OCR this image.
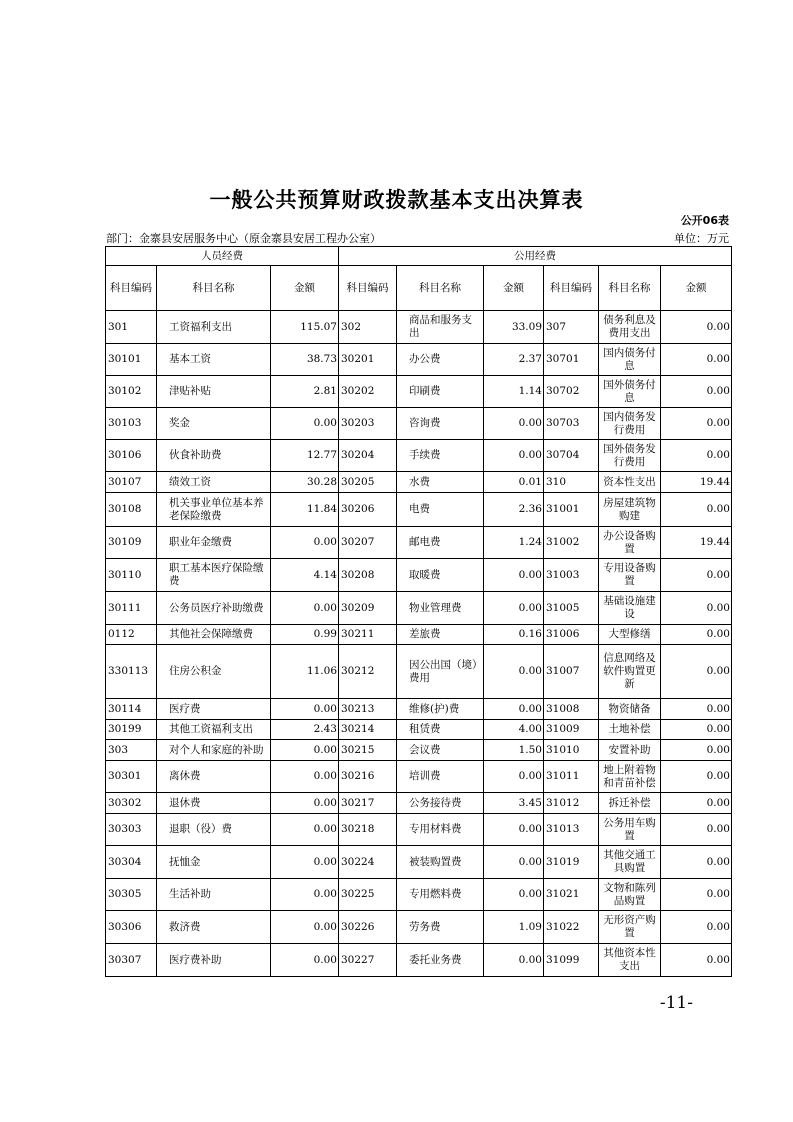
一般公共预算财政拨款基本支出决算表
公开06表
部门：金寨县安居服务中心（原金寨县安居工程办公室）	单位：万元
人员经费			公用经费					
科目编码	科目名称	金额	科目编码	科目名称	金额	科目编码	科目名称	金额
301	工资福利支出	115.07	302	商品和服务支出	33.09	307	债务利息及费用支出	0.00
30101	基本工资	38.73	30201	办公费	2.37	30701	国内债务付息	0.00
30102	津贴补贴	2.81	30202	印刷费	1.14	30702	国外债务付息	0.00
30103	奖金	0.00	30203	咨询费	0.00	30703	国内债务发行费用	0.00
30106	伙食补助费	12.77	30204	手续费	0.00	30704	国外债务发行费用	0.00
30107	绩效工资	30.28	30205	水费	0.01	310	资本性支出	19.44
30108	机关事业单位基本养老保险缴费	11.84	30206	电费	2.36	31001	房屋建筑物购建	0.00
30109	职业年金缴费	0.00	30207	邮电费	1.24	31002	办公设备购置	19.44
30110	职工基本医疗保险缴费	4.14	30208	取暖费	0.00	31003	专用设备购置	0.00
30111	公务员医疗补助缴费	0.00	30209	物业管理费	0.00	31005	基础设施建设	0.00
0112	其他社会保障缴费	0.99	30211	差旅费	0.16	31006	大型修缮	0.00
330113	住房公积金	11.06	30212	因公出国（境）费用	0.00	31007	信息网络及软件购置更新	0.00
30114	医疗费	0.00	30213	维修(护)费	0.00	31008	物资储备	0.00
30199	其他工资福利支出	2.43	30214	租赁费	4.00	31009	土地补偿	0.00
303	对个人和家庭的补助	0.00	30215	会议费	1.50	31010	安置补助	0.00
30301	离休费	0.00	30216	培训费	0.00	31011	地上附着物和青苗补偿	0.00
30302	退休费	0.00	30217	公务接待费	3.45	31012	拆迁补偿	0.00
30303	退职（役）费	0.00	30218	专用材料费	0.00	31013	公务用车购置	0.00
30304	抚恤金	0.00	30224	被装购置费	0.00	31019	其他交通工具购置	0.00
30305	生活补助	0.00	30225	专用燃料费	0.00	31021	文物和陈列品购置	0.00
30306	救济费	0.00	30226	劳务费	1.09	31022	无形资产购置	0.00
30307	医疗费补助	0.00	30227	委托业务费	0.00	31099	其他资本性支出	0.00
-11-
